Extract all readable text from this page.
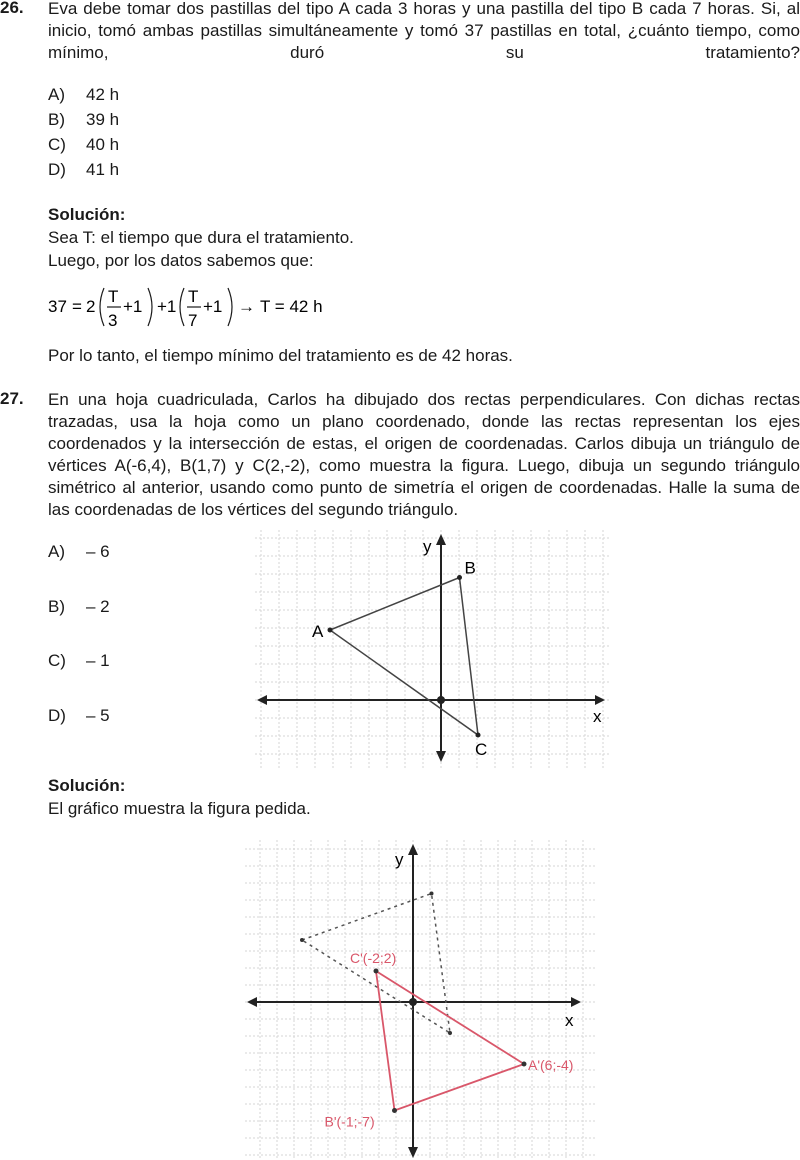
26. Eva debe tomar dos pastillas del tipo A cada 3 horas y una pastilla del tipo B cada 7 horas. Si, al inicio, tomó ambas pastillas simultáneamente y tomó 37 pastillas en total, ¿cuánto tiempo, como mínimo, duró su tratamiento?
A) 42 h
B) 39 h
C) 40 h
D) 41 h
Solución:
Sea T: el tiempo que dura el tratamiento.
Luego, por los datos sabemos que:
37 = 2
T
3
+1 +1
T
7
+1 → T = 42 h
Por lo tanto, el tiempo mínimo del tratamiento es de 42 horas.
27. En una hoja cuadriculada, Carlos ha dibujado dos rectas perpendiculares. Con dichas rectas trazadas, usa la hoja como un plano coordenado, donde las rectas representan los ejes coordenados y la intersección de estas, el origen de coordenadas. Carlos dibuja un triángulo de vértices A(-6,4), B(1,7) y C(2,-2), como muestra la figura. Luego, dibuja un segundo triángulo simétrico al anterior, usando como punto de simetría el origen de coordenadas. Halle la suma de las coordenadas de los vértices del segundo triángulo.
A) – 6
B) – 2
C) – 1
D) – 5	x
y
A
B
C
Solución:
El gráfico muestra la figura pedida.
x
y
A'(6;-4)
B'(-1;-7)
C'(-2;2)
